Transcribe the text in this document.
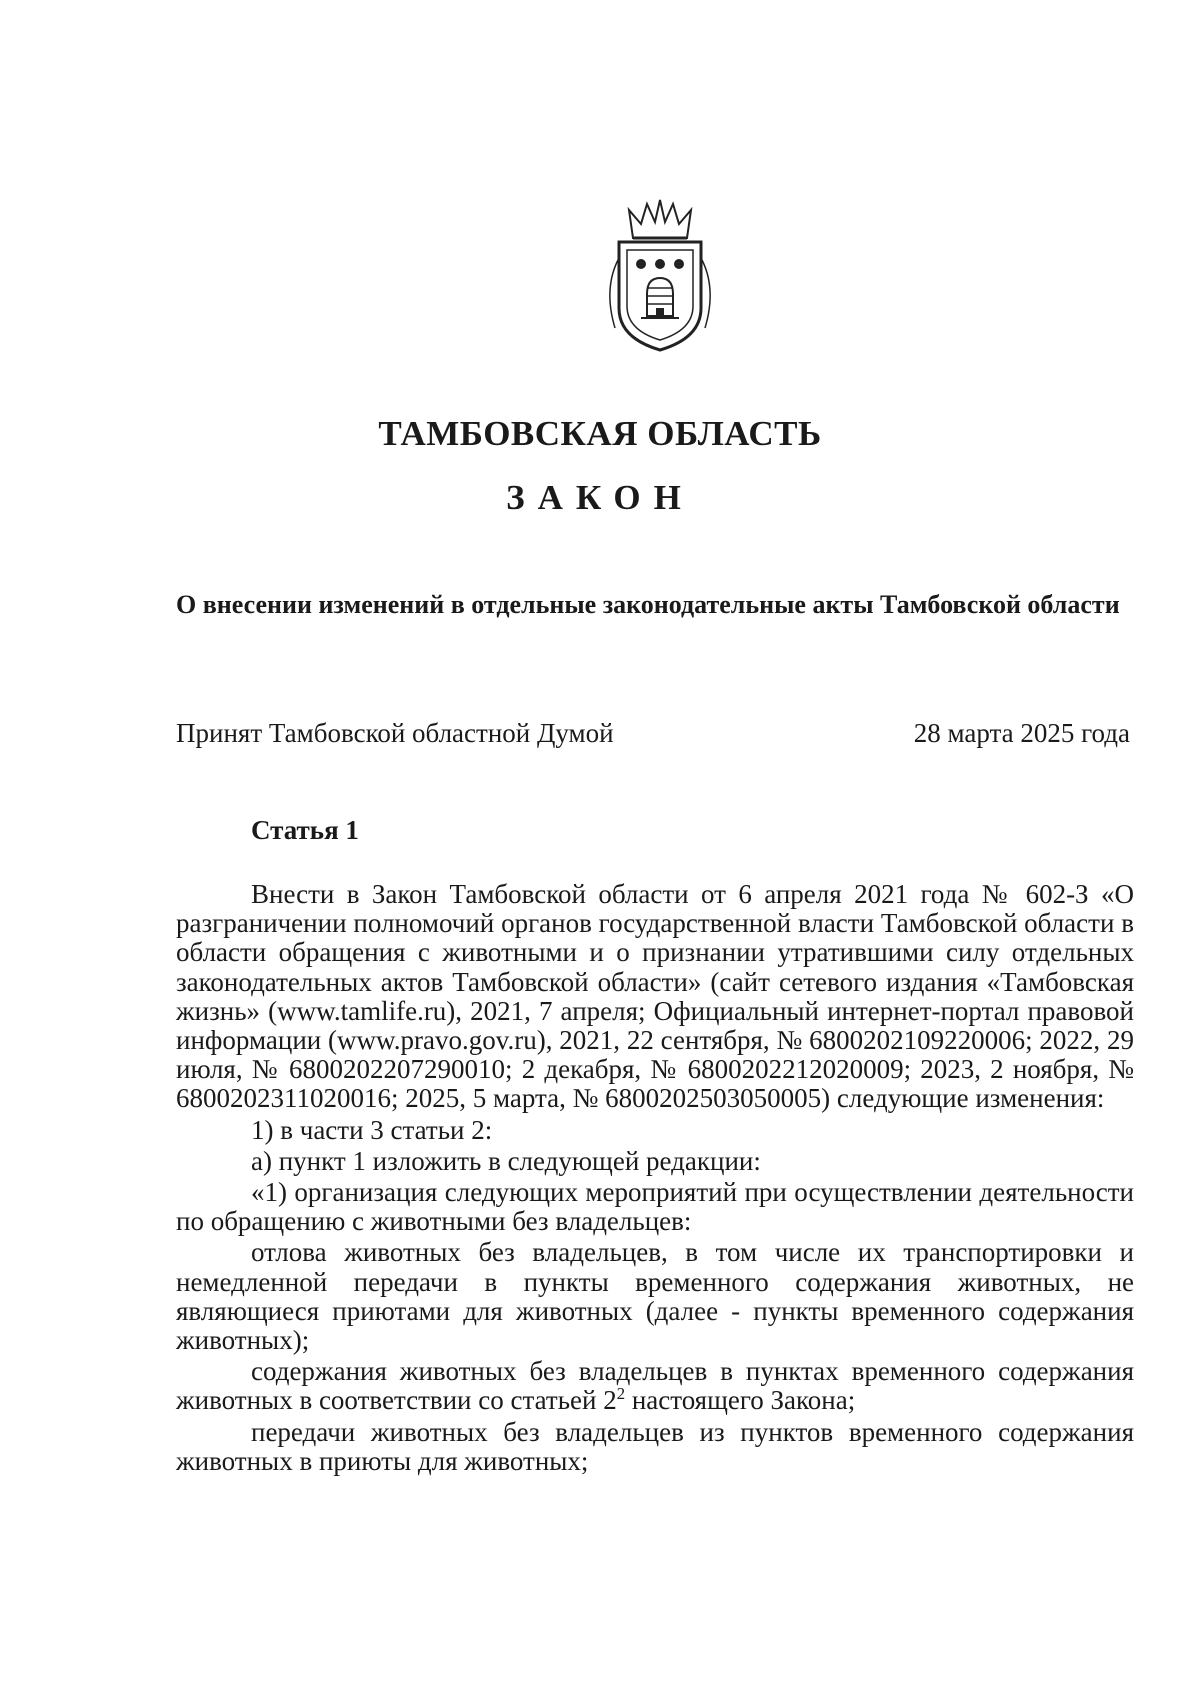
ТАМБОВСКАЯ ОБЛАСТЬ
ЗАКОН
О внесении изменений в отдельные законодательные акты Тамбовской области
Принят Тамбовской областной Думой	28 марта 2025 года
Статья 1

Внести в Закон Тамбовской области от 6 апреля 2021 года № 602-З «О разграничении полномочий органов государственной власти Тамбовской области в области обращения с животными и о признании утратившими силу отдельных законодательных актов Тамбовской области» (сайт сетевого издания «Тамбовская жизнь» (www.tamlife.ru), 2021, 7 апреля; Официальный интернет-портал правовой информации (www.pravo.gov.ru), 2021, 22 сентября, № 6800202109220006; 2022, 29 июля, № 6800202207290010; 2 декабря, № 6800202212020009; 2023, 2 ноября, № 6800202311020016; 2025, 5 марта, № 6800202503050005) следующие изменения:

1) в части 3 статьи 2:

а) пункт 1 изложить в следующей редакции:

«1) организация следующих мероприятий при осуществлении деятельности по обращению с животными без владельцев:

отлова животных без владельцев, в том числе их транспортировки и немедленной передачи в пункты временного содержания животных, не являющиеся приютами для животных (далее - пункты временного содержания животных);

содержания животных без владельцев в пунктах временного содержания животных в соответствии со статьей $2^2$ настоящего Закона;

передачи животных без владельцев из пунктов временного содержания животных в приюты для животных;
